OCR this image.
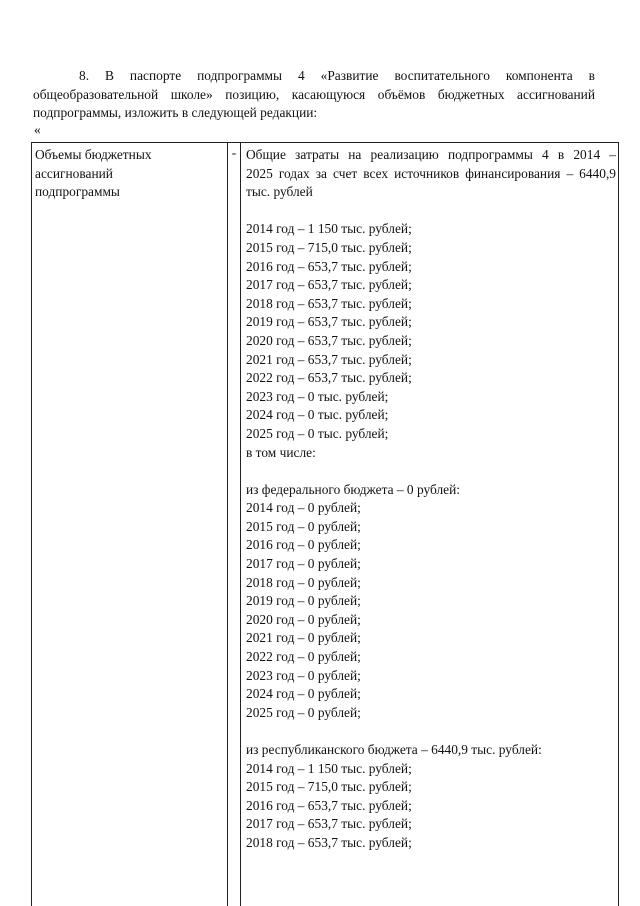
8. В паспорте подпрограммы 4 «Развитие воспитательного компонента в
общеобразовательной школе» позицию, касающуюся объёмов бюджетных ассигнований
подпрограммы, изложить в следующей редакции:
«
Объемы бюджетных
ассигнований
подпрограммы
- Общие затраты на реализацию подпрограммы 4 в 2014 –
2025 годах за счет всех источников финансирования – 6440,9
тыс. рублей
2014 год – 1 150 тыс. рублей;
2015 год – 715,0 тыс. рублей;
2016 год – 653,7 тыс. рублей;
2017 год – 653,7 тыс. рублей;
2018 год – 653,7 тыс. рублей;
2019 год – 653,7 тыс. рублей;
2020 год – 653,7 тыс. рублей;
2021 год – 653,7 тыс. рублей;
2022 год – 653,7 тыс. рублей;
2023 год – 0 тыс. рублей;
2024 год – 0 тыс. рублей;
2025 год – 0 тыс. рублей;
в том числе:
из федерального бюджета – 0 рублей:
2014 год – 0 рублей;
2015 год – 0 рублей;
2016 год – 0 рублей;
2017 год – 0 рублей;
2018 год – 0 рублей;
2019 год – 0 рублей;
2020 год – 0 рублей;
2021 год – 0 рублей;
2022 год – 0 рублей;
2023 год – 0 рублей;
2024 год – 0 рублей;
2025 год – 0 рублей;
из республиканского бюджета – 6440,9 тыс. рублей:
2014 год – 1 150 тыс. рублей;
2015 год – 715,0 тыс. рублей;
2016 год – 653,7 тыс. рублей;
2017 год – 653,7 тыс. рублей;
2018 год – 653,7 тыс. рублей;
